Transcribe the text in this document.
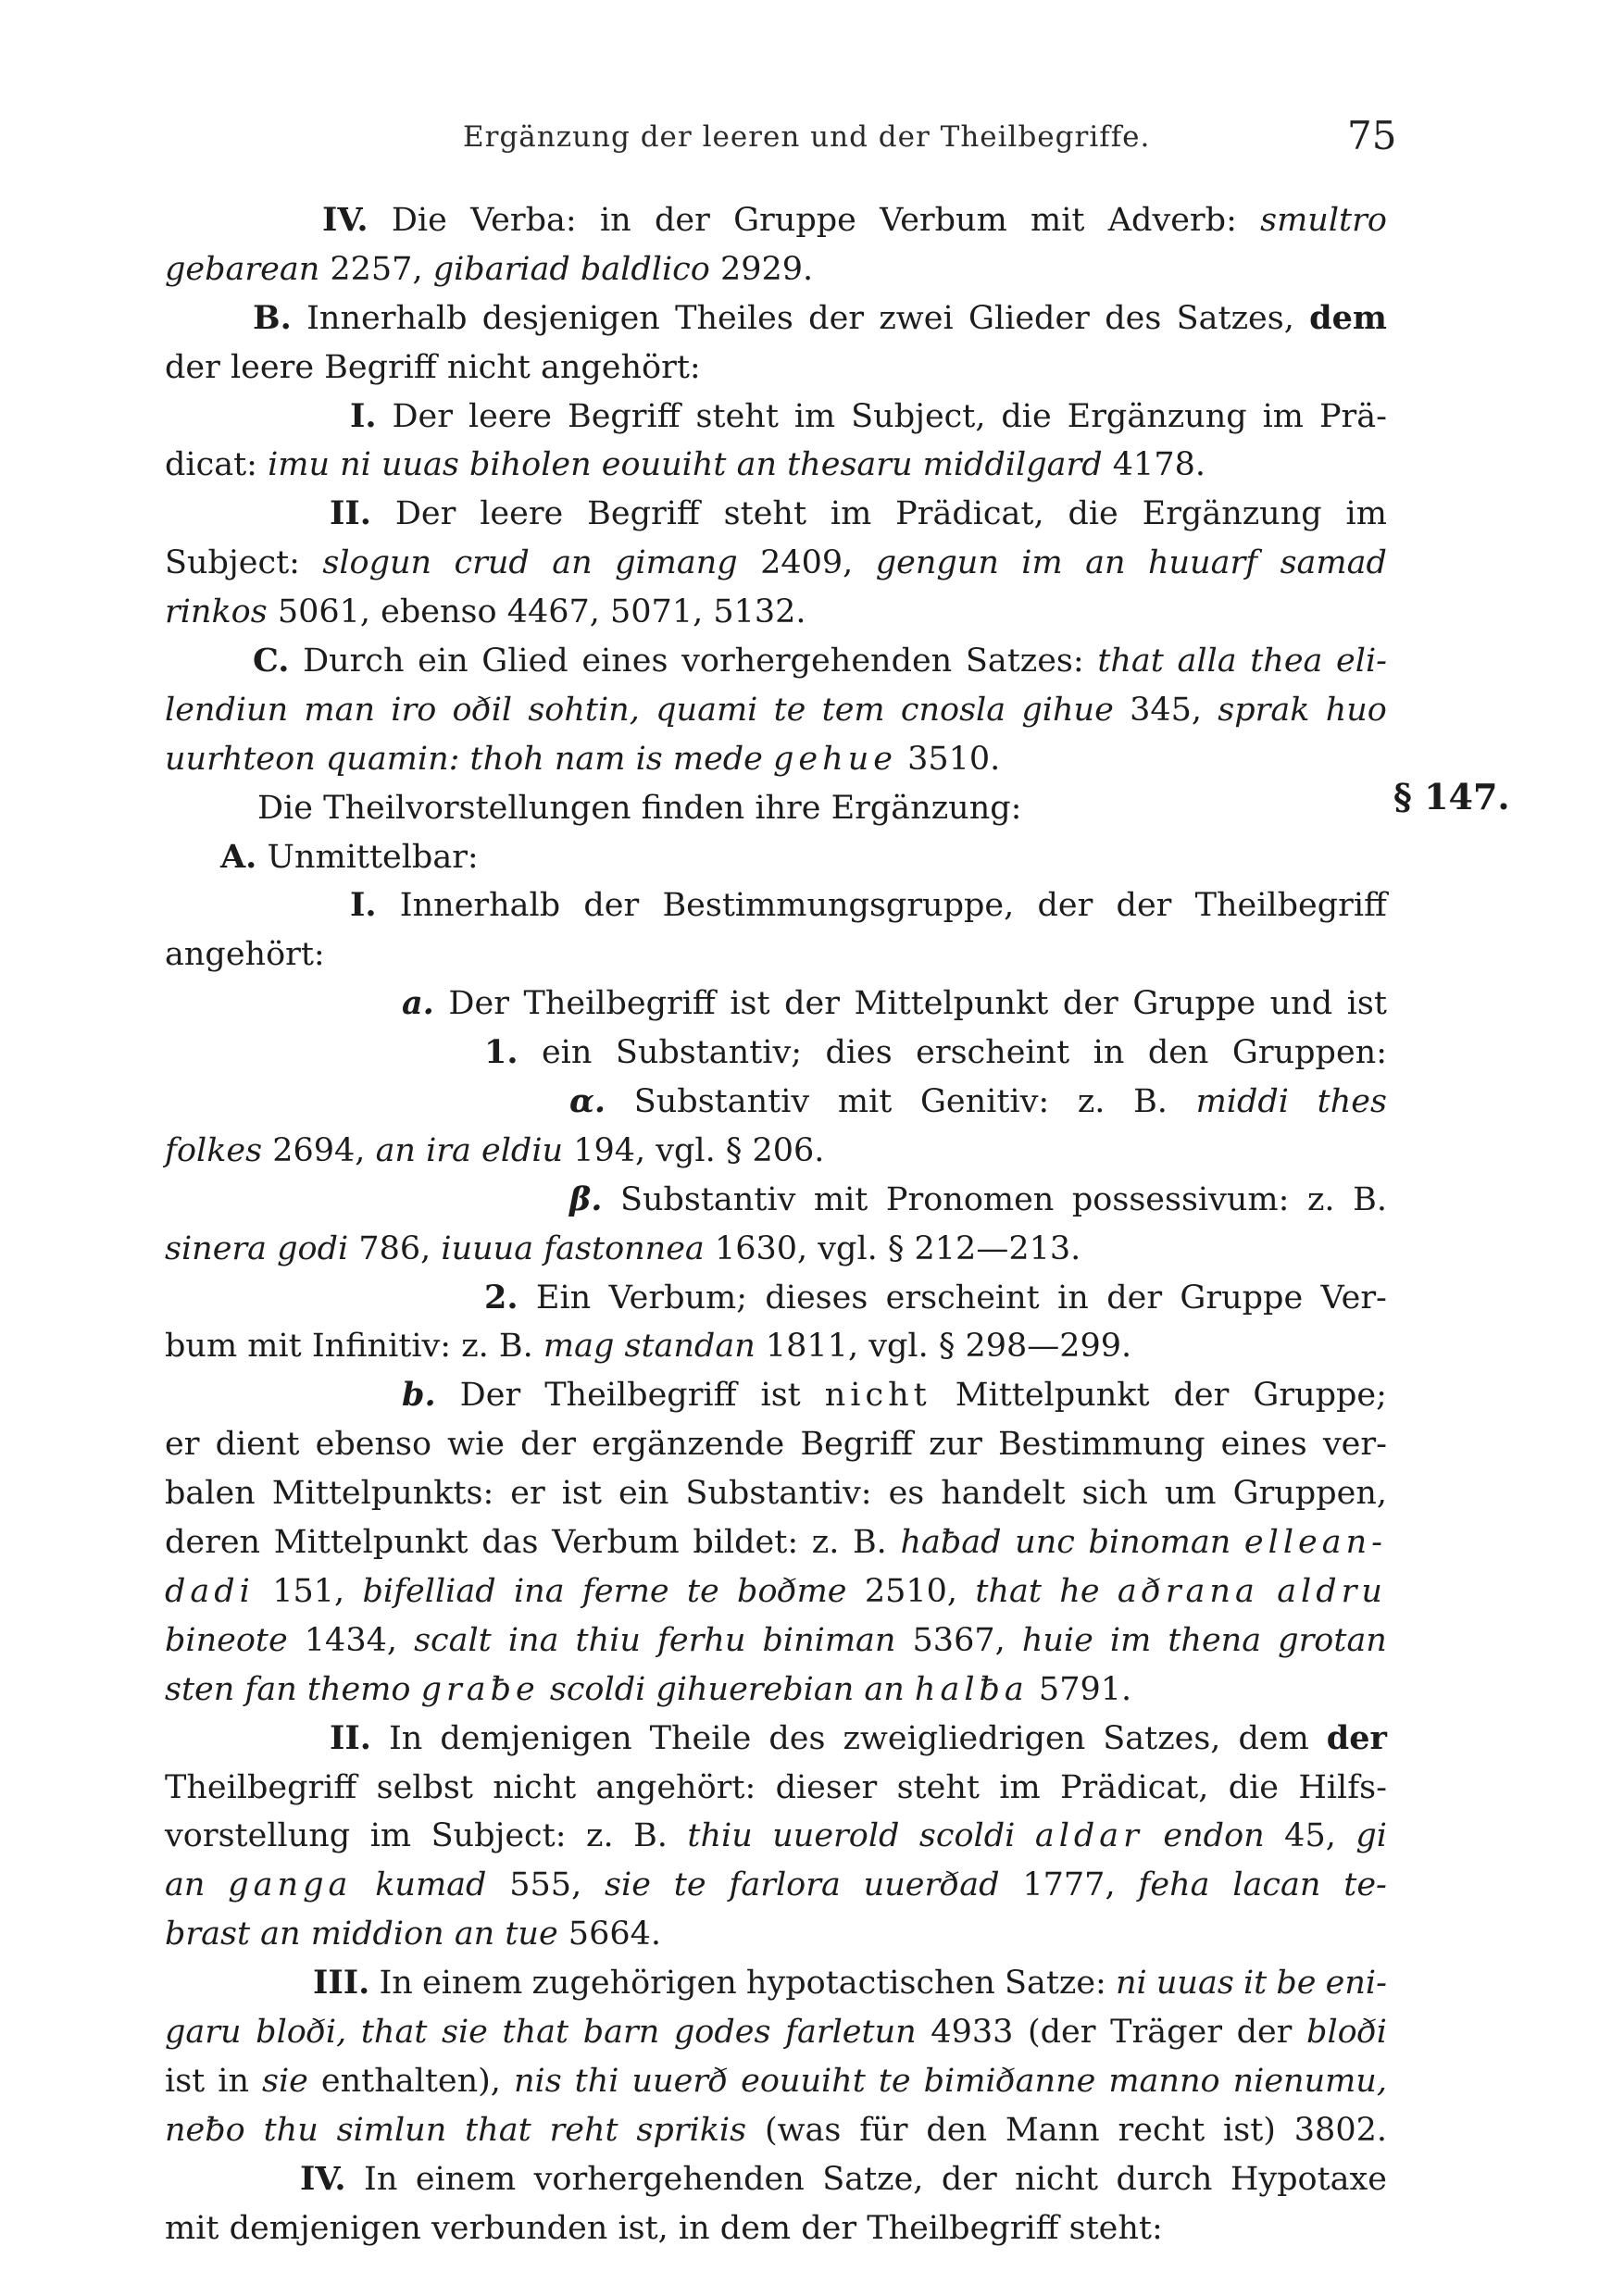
Ergänzung der leeren und der Theilbegriffe.	75
IV. Die Verba: in der Gruppe Verbum mit Adverb: smultro
gebarean 2257, gibariad baldlico 2929.
B. Innerhalb desjenigen Theiles der zwei Glieder des Satzes, dem
der leere Begriff nicht angehört:
I. Der leere Begriff steht im Subject, die Ergänzung im Prä-
dicat: imu ni uuas biholen eouuiht an thesaru middilgard 4178.
II. Der leere Begriff steht im Prädicat, die Ergänzung im
Subject: slogun crud an gimang 2409, gengun im an huuarf samad
rinkos 5061, ebenso 4467, 5071, 5132.
C. Durch ein Glied eines vorhergehenden Satzes: that alla thea eli-
lendiun man iro oðil sohtin, quami te tem cnosla gihue 345, sprak huo
uurhteon quamin: thoh nam is mede gehue 3510.
Die Theilvorstellungen finden ihre Ergänzung:
A. Unmittelbar:
I. Innerhalb der Bestimmungsgruppe, der der Theilbegriff
angehört:
a. Der Theilbegriff ist der Mittelpunkt der Gruppe und ist
1. ein Substantiv; dies erscheint in den Gruppen:
α. Substantiv mit Genitiv: z. B. middi thes
folkes 2694, an ira eldiu 194, vgl. § 206.
β. Substantiv mit Pronomen possessivum: z. B.
sinera godi 786, iuuua fastonnea 1630, vgl. § 212—213.
2. Ein Verbum; dieses erscheint in der Gruppe Ver-
bum mit Infinitiv: z. B. mag standan 1811, vgl. § 298—299.
b. Der Theilbegriff ist nicht Mittelpunkt der Gruppe;
er dient ebenso wie der ergänzende Begriff zur Bestimmung eines ver-
balen Mittelpunkts: er ist ein Substantiv: es handelt sich um Gruppen,
deren Mittelpunkt das Verbum bildet: z. B. haƀad unc binoman ellean-
dadi 151, bifelliad ina ferne te boðme 2510, that he aðrana aldru
bineote 1434, scalt ina thiu ferhu biniman 5367, huie im thena grotan
sten fan themo graƀe scoldi gihuerebian an halƀa 5791.
II. In demjenigen Theile des zweigliedrigen Satzes, dem der
Theilbegriff selbst nicht angehört: dieser steht im Prädicat, die Hilfs-
vorstellung im Subject: z. B. thiu uuerold scoldi aldar endon 45, gi
an ganga kumad 555, sie te farlora uuerðad 1777, feha lacan te-
brast an middion an tue 5664.
III. In einem zugehörigen hypotactischen Satze: ni uuas it be eni-
garu bloði, that sie that barn godes farletun 4933 (der Träger der bloði
ist in sie enthalten), nis thi uuerð eouuiht te bimiðanne manno nienumu,
neƀo thu simlun that reht sprikis (was für den Mann recht ist) 3802.
IV. In einem vorhergehenden Satze, der nicht durch Hypotaxe
mit demjenigen verbunden ist, in dem der Theilbegriff steht:
§ 147.
